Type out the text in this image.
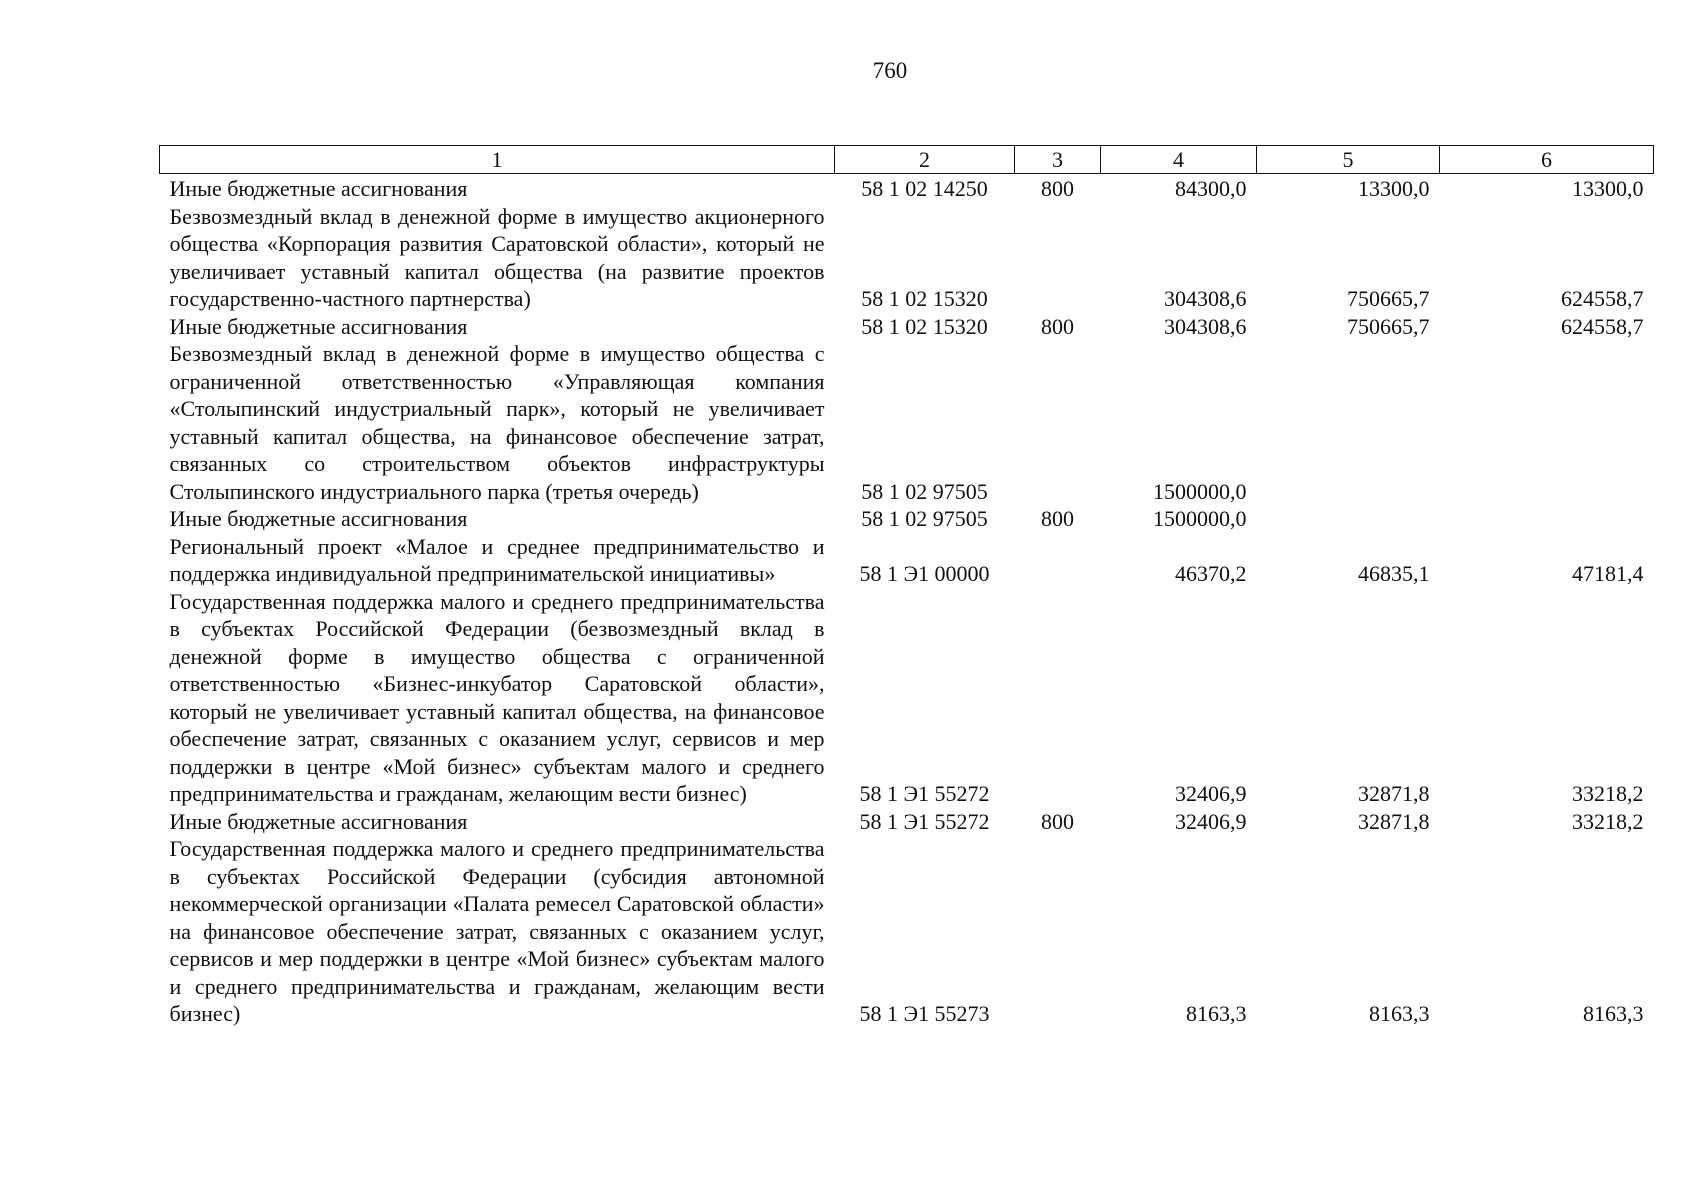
760
1	2	3	4	5	6
Иные бюджетные ассигнования	58 1 02 14250	800	84300,0	13300,0	13300,0
Безвозмездный вклад в денежной форме в имущество акционерного общества «Корпорация развития Саратовской области», который не увеличивает уставный капитал общества (на развитие проектов государственно-частного партнерства)	58 1 02 15320		304308,6	750665,7	624558,7
Иные бюджетные ассигнования	58 1 02 15320	800	304308,6	750665,7	624558,7
Безвозмездный вклад в денежной форме в имущество общества с ограниченной ответственностью «Управляющая компания «Столыпинский индустриальный парк», который не увеличивает уставный капитал общества, на финансовое обеспечение затрат, связанных со строительством объектов инфраструктуры Столыпинского индустриального парка (третья очередь)	58 1 02 97505		1500000,0		
Иные бюджетные ассигнования	58 1 02 97505	800	1500000,0		
Региональный проект «Малое и среднее предпринимательство и поддержка индивидуальной предпринимательской инициативы»	58 1 Э1 00000		46370,2	46835,1	47181,4
Государственная поддержка малого и среднего предпринимательства в субъектах Российской Федерации (безвозмездный вклад в денежной форме в имущество общества с ограниченной ответственностью «Бизнес-инкубатор Саратовской области», который не увеличивает уставный капитал общества, на финансовое обеспечение затрат, связанных с оказанием услуг, сервисов и мер поддержки в центре «Мой бизнес» субъектам малого и среднего предпринимательства и гражданам, желающим вести бизнес)	58 1 Э1 55272		32406,9	32871,8	33218,2
Иные бюджетные ассигнования	58 1 Э1 55272	800	32406,9	32871,8	33218,2
Государственная поддержка малого и среднего предпринимательства в субъектах Российской Федерации (субсидия автономной некоммерческой организации «Палата ремесел Саратовской области» на финансовое обеспечение затрат, связанных с оказанием услуг, сервисов и мер поддержки в центре «Мой бизнес» субъектам малого и среднего предпринимательства и гражданам, желающим вести бизнес)	58 1 Э1 55273		8163,3	8163,3	8163,3
